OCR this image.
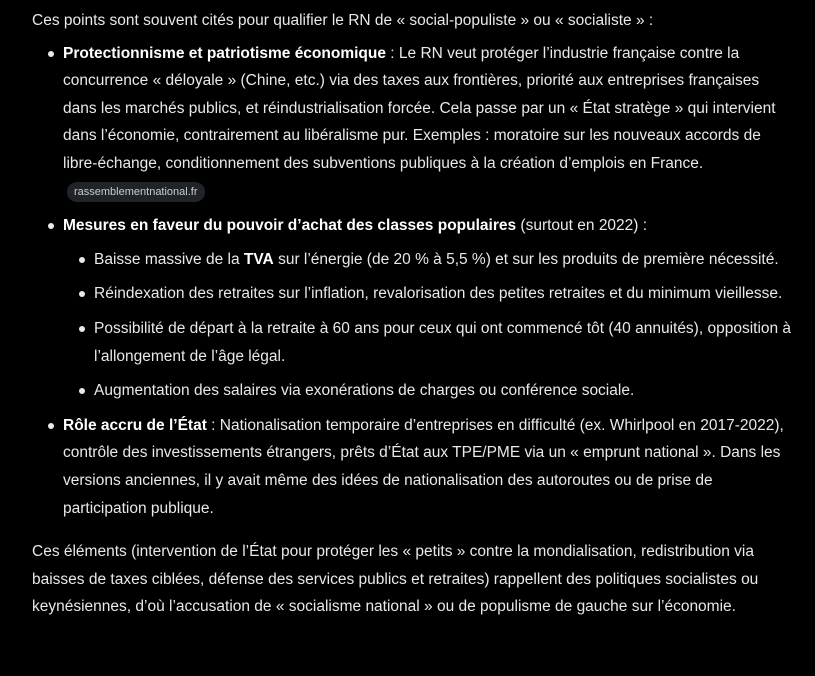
Ces points sont souvent cités pour qualifier le RN de « social-populiste » ou « socialiste » :

Protectionnisme et patriotisme économique : Le RN veut protéger l’industrie française contre la concurrence « déloyale » (Chine, etc.) via des taxes aux frontières, priorité aux entreprises françaises dans les marchés publics, et réindustrialisation forcée. Cela passe par un « État stratège » qui intervient dans l’économie, contrairement au libéralisme pur. Exemples : moratoire sur les nouveaux accords de libre-échange, conditionnement des subventions publiques à la création d’emplois en France.rassemblementnational.fr
Mesures en faveur du pouvoir d’achat des classes populaires (surtout en 2022) :
Baisse massive de la TVA sur l’énergie (de 20 % à 5,5 %) et sur les produits de première nécessité.
Réindexation des retraites sur l’inflation, revalorisation des petites retraites et du minimum vieillesse.
Possibilité de départ à la retraite à 60 ans pour ceux qui ont commencé tôt (40 annuités), opposition à l’allongement de l’âge légal.
Augmentation des salaires via exonérations de charges ou conférence sociale.
Rôle accru de l’État : Nationalisation temporaire d’entreprises en difficulté (ex. Whirlpool en 2017-2022), contrôle des investissements étrangers, prêts d’État aux TPE/PME via un « emprunt national ». Dans les versions anciennes, il y avait même des idées de nationalisation des autoroutes ou de prise de participation publique.

Ces éléments (intervention de l’État pour protéger les « petits » contre la mondialisation, redistribution via baisses de taxes ciblées, défense des services publics et retraites) rappellent des politiques socialistes ou keynésiennes, d’où l’accusation de « socialisme national » ou de populisme de gauche sur l’économie.
